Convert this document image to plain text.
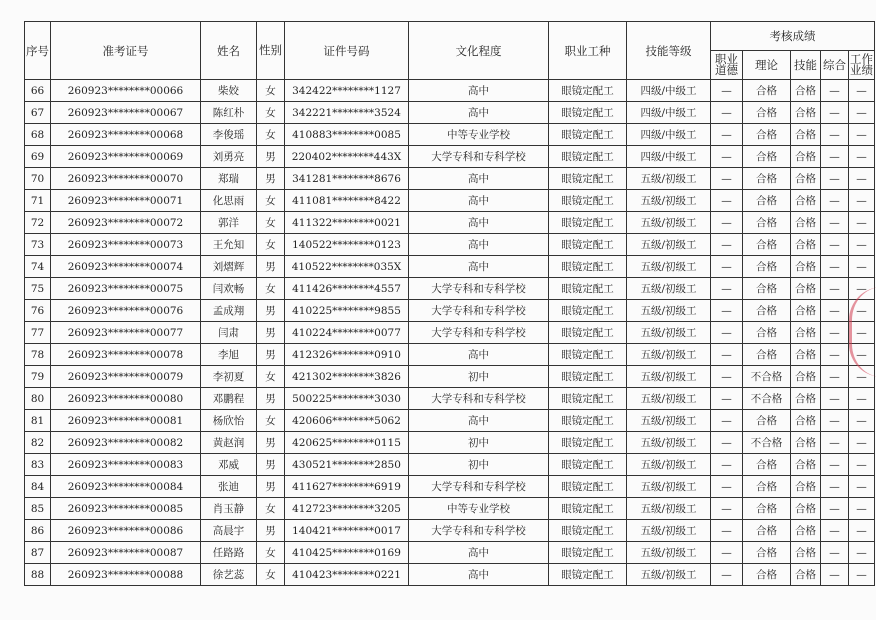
序号	准考证号	姓名	性别	证件号码	文化程度	职业工种	技能等级	考核成绩				
								职业道德	理论	技能	综合	工作业绩
66	260923********00066	柴姣	女	342422********1127	高中	眼镜定配工	四级/中级工	—	合格	合格	—	—
67	260923********00067	陈红朴	女	342221********3524	高中	眼镜定配工	四级/中级工	—	合格	合格	—	—
68	260923********00068	李俊瑶	女	410883********0085	中等专业学校	眼镜定配工	四级/中级工	—	合格	合格	—	—
69	260923********00069	刘勇亮	男	220402********443X	大学专科和专科学校	眼镜定配工	四级/中级工	—	合格	合格	—	—
70	260923********00070	郑瑞	男	341281********8676	高中	眼镜定配工	五级/初级工	—	合格	合格	—	—
71	260923********00071	化思雨	女	411081********8422	高中	眼镜定配工	五级/初级工	—	合格	合格	—	—
72	260923********00072	郭洋	女	411322********0021	高中	眼镜定配工	五级/初级工	—	合格	合格	—	—
73	260923********00073	王允知	女	140522********0123	高中	眼镜定配工	五级/初级工	—	合格	合格	—	—
74	260923********00074	刘熠辉	男	410522********035X	高中	眼镜定配工	五级/初级工	—	合格	合格	—	—
75	260923********00075	闫欢畅	女	411426********4557	大学专科和专科学校	眼镜定配工	五级/初级工	—	合格	合格	—	—
76	260923********00076	孟成翔	男	410225********9855	大学专科和专科学校	眼镜定配工	五级/初级工	—	合格	合格	—	—
77	260923********00077	闫肃	男	410224********0077	大学专科和专科学校	眼镜定配工	五级/初级工	—	合格	合格	—	—
78	260923********00078	李旭	男	412326********0910	高中	眼镜定配工	五级/初级工	—	合格	合格	—	—
79	260923********00079	李初夏	女	421302********3826	初中	眼镜定配工	五级/初级工	—	不合格	合格	—	—
80	260923********00080	邓鹏程	男	500225********3030	大学专科和专科学校	眼镜定配工	五级/初级工	—	不合格	合格	—	—
81	260923********00081	杨欣怡	女	420606********5062	高中	眼镜定配工	五级/初级工	—	合格	合格	—	—
82	260923********00082	黄赵润	男	420625********0115	初中	眼镜定配工	五级/初级工	—	不合格	合格	—	—
83	260923********00083	邓威	男	430521********2850	初中	眼镜定配工	五级/初级工	—	合格	合格	—	—
84	260923********00084	张迪	男	411627********6919	大学专科和专科学校	眼镜定配工	五级/初级工	—	合格	合格	—	—
85	260923********00085	肖玉静	女	412723********3205	中等专业学校	眼镜定配工	五级/初级工	—	合格	合格	—	—
86	260923********00086	高晨宇	男	140421********0017	大学专科和专科学校	眼镜定配工	五级/初级工	—	合格	合格	—	—
87	260923********00087	任路路	女	410425********0169	高中	眼镜定配工	五级/初级工	—	合格	合格	—	—
88	260923********00088	徐艺蕊	女	410423********0221	高中	眼镜定配工	五级/初级工	—	合格	合格	—	—
